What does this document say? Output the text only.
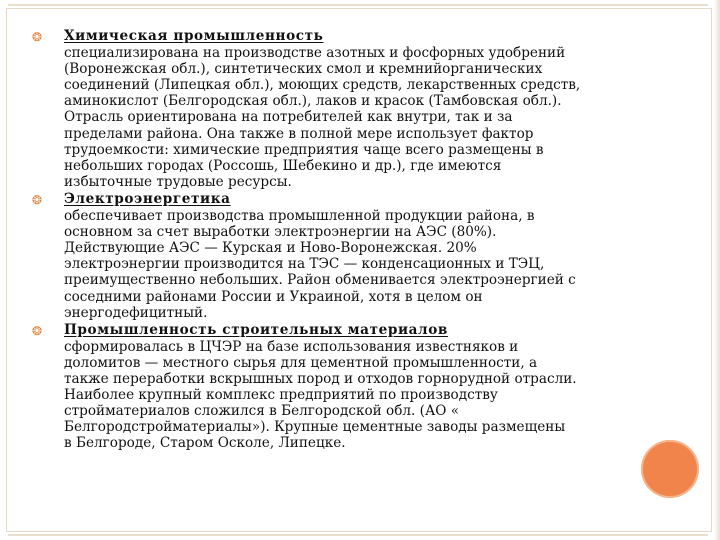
❂ Химическая промышленность
специализирована на производстве азотных и фосфорных удобрений
(Воронежская обл.), синтетических смол и кремнийорганических
соединений (Липецкая обл.), моющих средств, лекарственных средств,
аминокислот (Белгородская обл.), лаков и красок (Тамбовская обл.).
Отрасль ориентирована на потребителей как внутри, так и за
пределами района. Она также в полной мере использует фактор
трудоемкости: химические предприятия чаще всего размещены в
небольших городах (Россошь, Шебекино и др.), где имеются
избыточные трудовые ресурсы.
❂ Электроэнергетика
обеспечивает производства промышленной продукции района, в
основном за счет выработки электроэнергии на АЭС (80%).
Действующие АЭС — Курская и Ново-Воронежская. 20%
электроэнергии производится на ТЭС — конденсационных и ТЭЦ,
преимущественно небольших. Район обменивается электроэнергией с
соседними районами России и Украиной, хотя в целом он
энергодефицитный.
❂ Промышленность строительных материалов
сформировалась в ЦЧЭР на базе использования известняков и
доломитов — местного сырья для цементной промышленности, а
также переработки вскрышных пород и отходов горнорудной отрасли.
Наиболее крупный комплекс предприятий по производству
стройматериалов сложился в Белгородской обл. (АО «
Белгородстройматериалы»). Крупные цементные заводы размещены
в Белгороде, Старом Осколе, Липецке.
